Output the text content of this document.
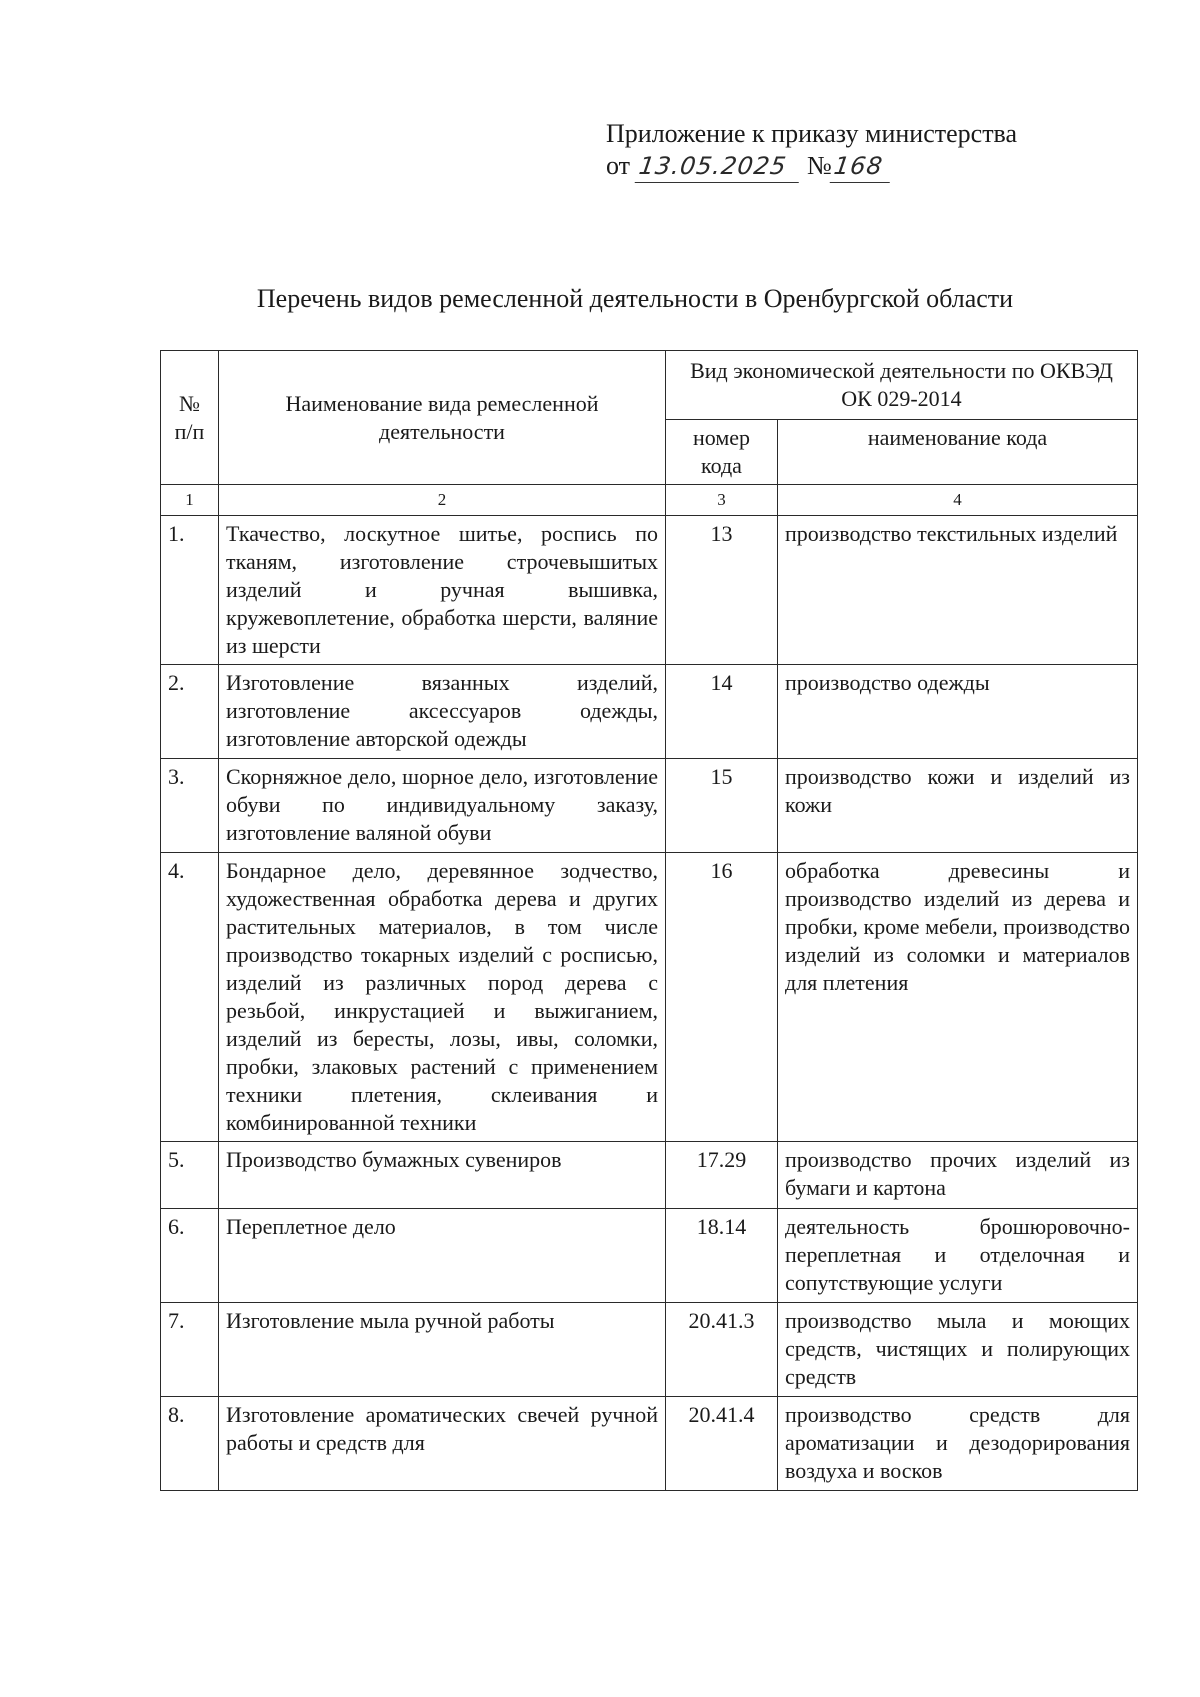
Приложение к приказу министерства
от 13.05.2025 №168
Перечень видов ремесленной деятельности в Оренбургской области
№ п/п	Наименование вида ремесленной деятельности	Вид экономической деятельности по ОКВЭД ОК 029-2014	
		номер кода	наименование кода
1	2	3	4
1.	Ткачество, лоскутное шитье, роспись по тканям, изготовление строчевышитых изделий и ручная вышивка, кружевоплетение, обработка шерсти, валяние из шерсти	13	производство текстильных изделий
2.	Изготовление вязанных изделий, изготовление аксессуаров одежды, изготовление авторской одежды	14	производство одежды
3.	Скорняжное дело, шорное дело, изготовление обуви по индивидуальному заказу, изготовление валяной обуви	15	производство кожи и изделий из кожи
4.	Бондарное дело, деревянное зодчество, художественная обработка дерева и других растительных материалов, в том числе производство токарных изделий с росписью, изделий из различных пород дерева с резьбой, инкрустацией и выжиганием, изделий из бересты, лозы, ивы, соломки, пробки, злаковых растений с применением техники плетения, склеивания и комбинированной техники	16	обработка древесины и производство изделий из дерева и пробки, кроме мебели, производство изделий из соломки и материалов для плетения
5.	Производство бумажных сувениров	17.29	производство прочих изделий из бумаги и картона
6.	Переплетное дело	18.14	деятельность брошюровочно-переплетная и отделочная и сопутствующие услуги
7.	Изготовление мыла ручной работы	20.41.3	производство мыла и моющих средств, чистящих и полирующих средств
8.	Изготовление ароматических свечей ручной работы и средств для	20.41.4	производство средств для ароматизации и дезодорирования воздуха и восков
